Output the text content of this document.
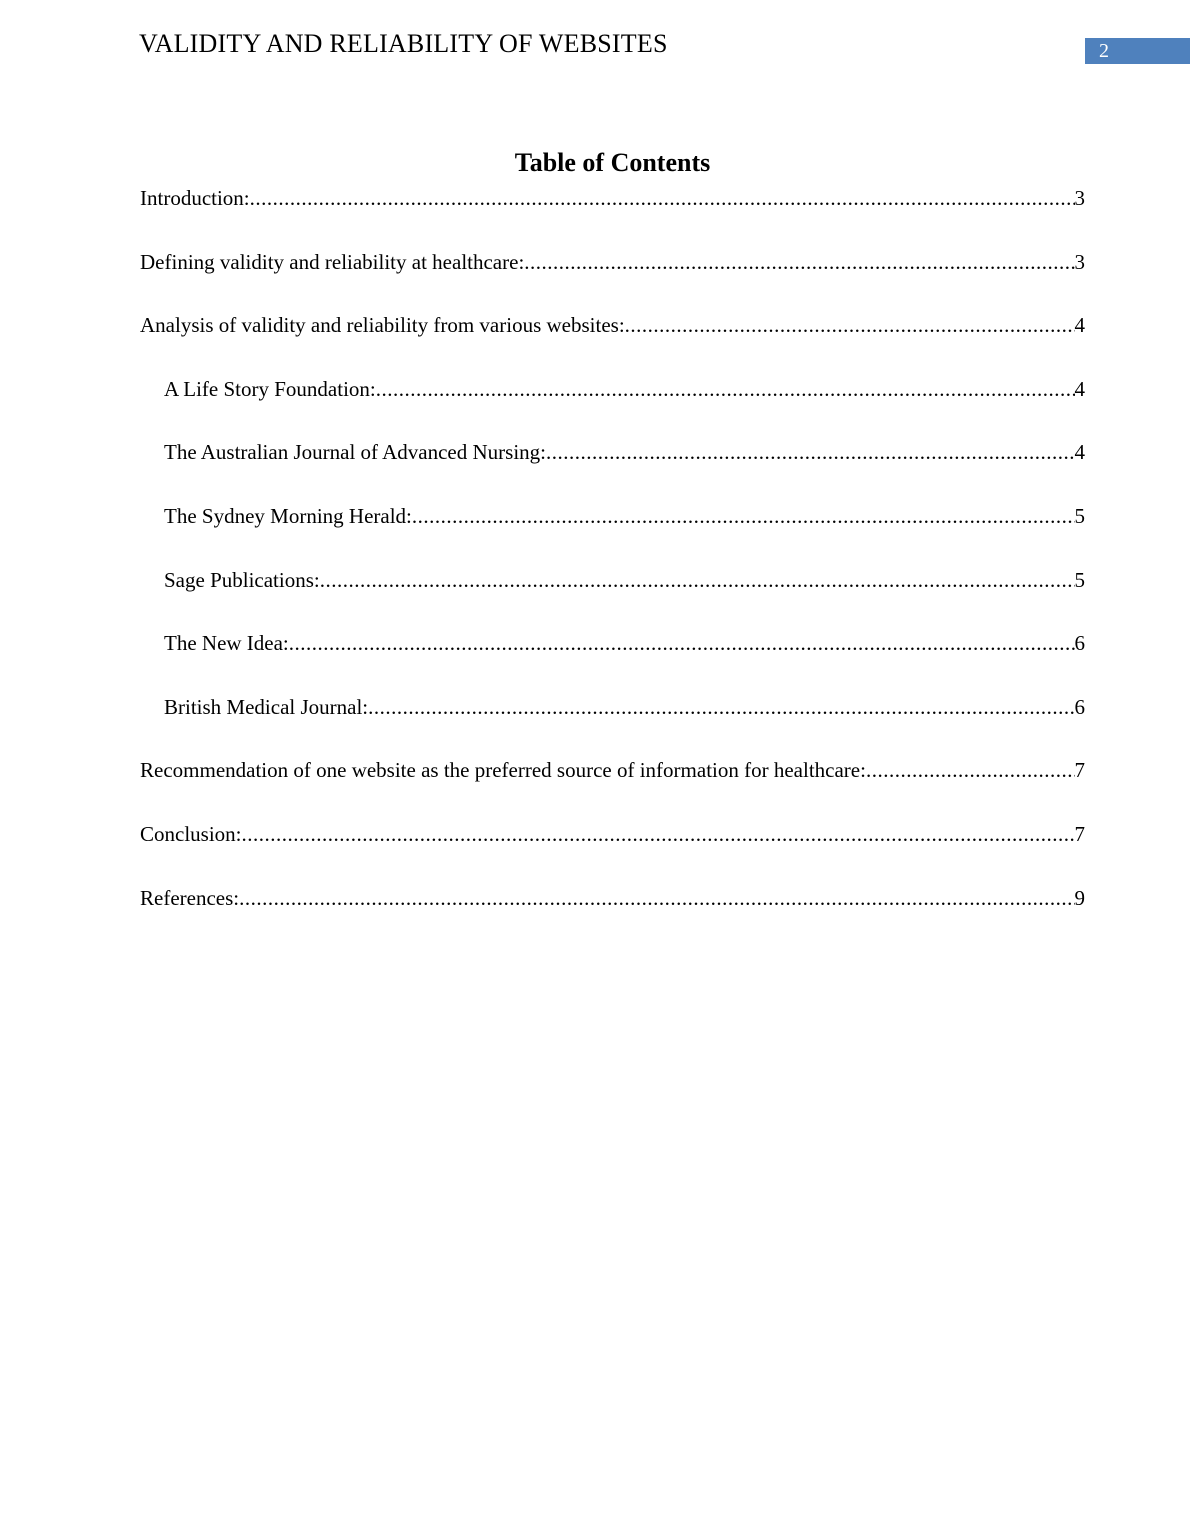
VALIDITY AND RELIABILITY OF WEBSITES	2
Table of Contents
Introduction: .....	3
Defining validity and reliability at healthcare: .....	3
Analysis of validity and reliability from various websites: .....	4
A Life Story Foundation: .....	4
The Australian Journal of Advanced Nursing: .....	4
The Sydney Morning Herald: .....	5
Sage Publications: .....	5
The New Idea: .....	6
British Medical Journal: .....	6
Recommendation of one website as the preferred source of information for healthcare: .....	7
Conclusion: .....	7
References: .....	9
